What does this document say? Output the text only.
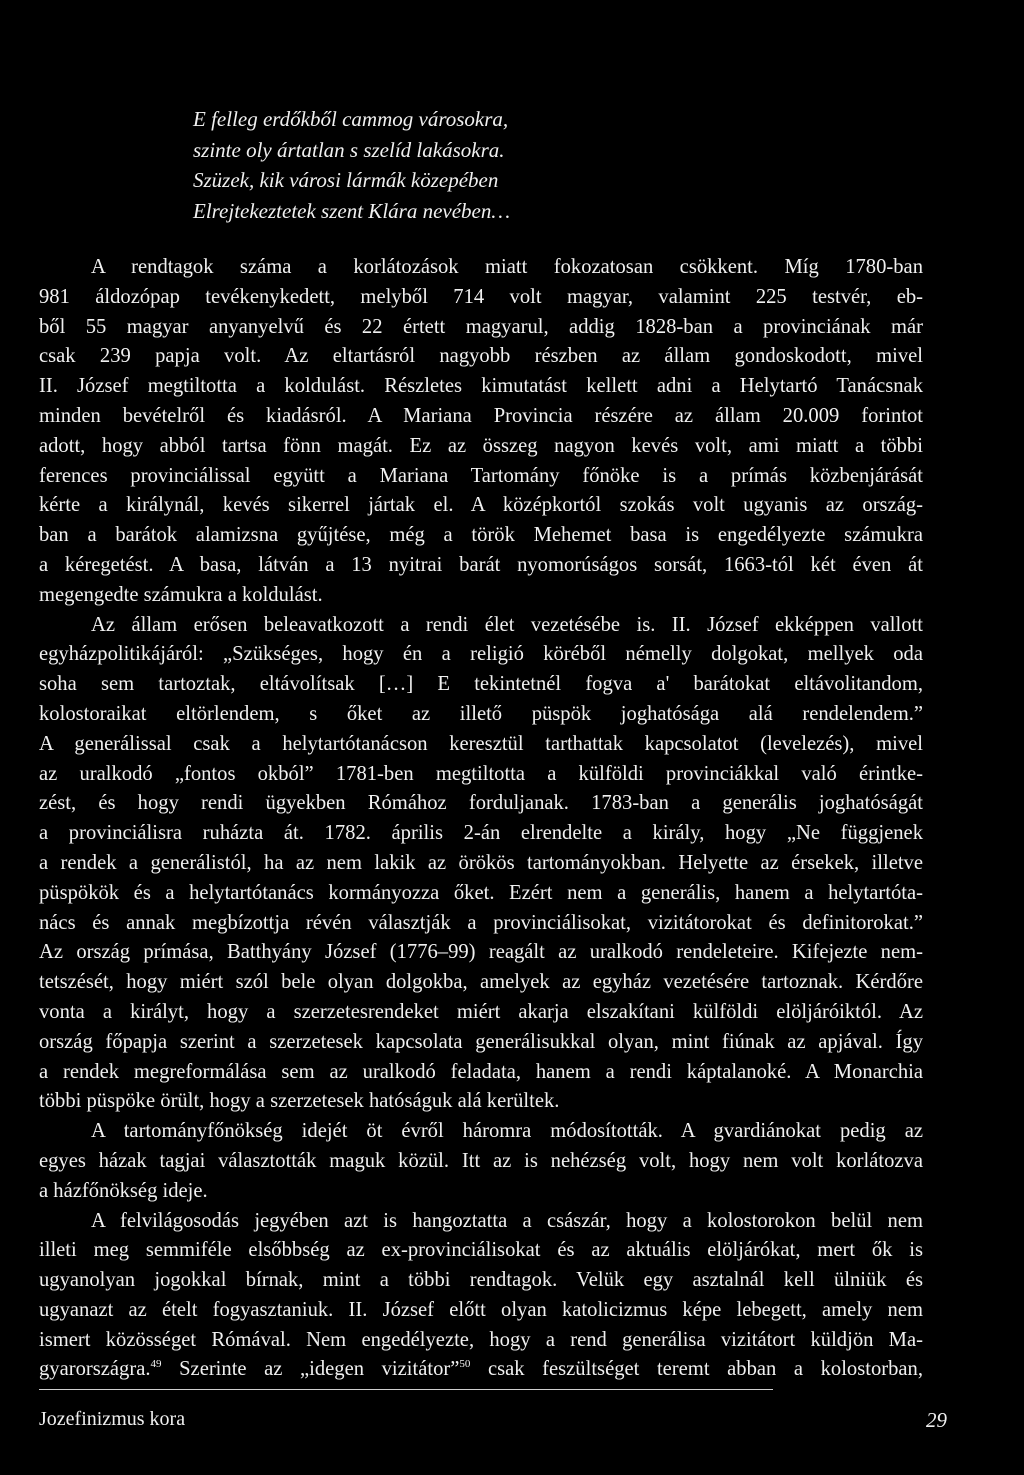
E felleg erdőkből cammog városokra,
szinte oly ártatlan s szelíd lakásokra.
Szüzek, kik városi lármák közepében
Elrejtekeztetek szent Klára nevében…

A rendtagok száma a korlátozások miatt fokozatosan csökkent. Míg 1780-ban
981 áldozópap tevékenykedett, melyből 714 volt magyar, valamint 225 testvér, eb-
ből 55 magyar anyanyelvű és 22 értett magyarul, addig 1828-ban a provinciának már
csak 239 papja volt. Az eltartásról nagyobb részben az állam gondoskodott, mivel
II. József megtiltotta a koldulást. Részletes kimutatást kellett adni a Helytartó Tanácsnak
minden bevételről és kiadásról. A Mariana Provincia részére az állam 20.009 forintot
adott, hogy abból tartsa fönn magát. Ez az összeg nagyon kevés volt, ami miatt a többi
ferences provinciálissal együtt a Mariana Tartomány főnöke is a prímás közbenjárását
kérte a királynál, kevés sikerrel jártak el. A középkortól szokás volt ugyanis az ország-
ban a barátok alamizsna gyűjtése, még a török Mehemet basa is engedélyezte számukra
a kéregetést. A basa, látván a 13 nyitrai barát nyomorúságos sorsát, 1663-tól két éven át
megengedte számukra a koldulást.

Az állam erősen beleavatkozott a rendi élet vezetésébe is. II. József ekképpen vallott
egyházpolitikájáról: „Szükséges, hogy én a religió köréből némelly dolgokat, mellyek oda
soha sem tartoztak, eltávolítsak […] E tekintetnél fogva a' barátokat eltávolitandom,
kolostoraikat eltörlendem, s őket az illető püspök joghatósága alá rendelendem.”
A generálissal csak a helytartótanácson keresztül tarthattak kapcsolatot (levelezés), mivel
az uralkodó „fontos okból” 1781-ben megtiltotta a külföldi provinciákkal való érintke-
zést, és hogy rendi ügyekben Rómához forduljanak. 1783-ban a generális joghatóságát
a provinciálisra ruházta át. 1782. április 2-án elrendelte a király, hogy „Ne függjenek
a rendek a generálistól, ha az nem lakik az örökös tartományokban. Helyette az érsekek, illetve
püspökök és a helytartótanács kormányozza őket. Ezért nem a generális, hanem a helytartóta-
nács és annak megbízottja révén választják a provinciálisokat, vizitátorokat és definitorokat.”
Az ország prímása, Batthyány József (1776–99) reagált az uralkodó rendeleteire. Kifejezte nem-
tetszését, hogy miért szól bele olyan dolgokba, amelyek az egyház vezetésére tartoznak. Kérdőre
vonta a királyt, hogy a szerzetesrendeket miért akarja elszakítani külföldi elöljáróiktól. Az
ország főpapja szerint a szerzetesek kapcsolata generálisukkal olyan, mint fiúnak az apjával. Így
a rendek megreformálása sem az uralkodó feladata, hanem a rendi káptalanoké. A Monarchia
többi püspöke örült, hogy a szerzetesek hatóságuk alá kerültek.

A tartományfőnökség idejét öt évről háromra módosították. A gvardiánokat pedig az
egyes házak tagjai választották maguk közül. Itt az is nehézség volt, hogy nem volt korlátozva
a házfőnökség ideje.

A felvilágosodás jegyében azt is hangoztatta a császár, hogy a kolostorokon belül nem
illeti meg semmiféle elsőbbség az ex-provinciálisokat és az aktuális elöljárókat, mert ők is
ugyanolyan jogokkal bírnak, mint a többi rendtagok. Velük egy asztalnál kell ülniük és
ugyanazt az ételt fogyasztaniuk. II. József előtt olyan katolicizmus képe lebegett, amely nem
ismert közösséget Rómával. Nem engedélyezte, hogy a rend generálisa vizitátort küldjön Ma-
gyarországra.$^{49}$ Szerinte az „idegen vizitátor”$^{50}$ csak feszültséget teremt abban a kolostorban,

Jozefinizmus kora	29
